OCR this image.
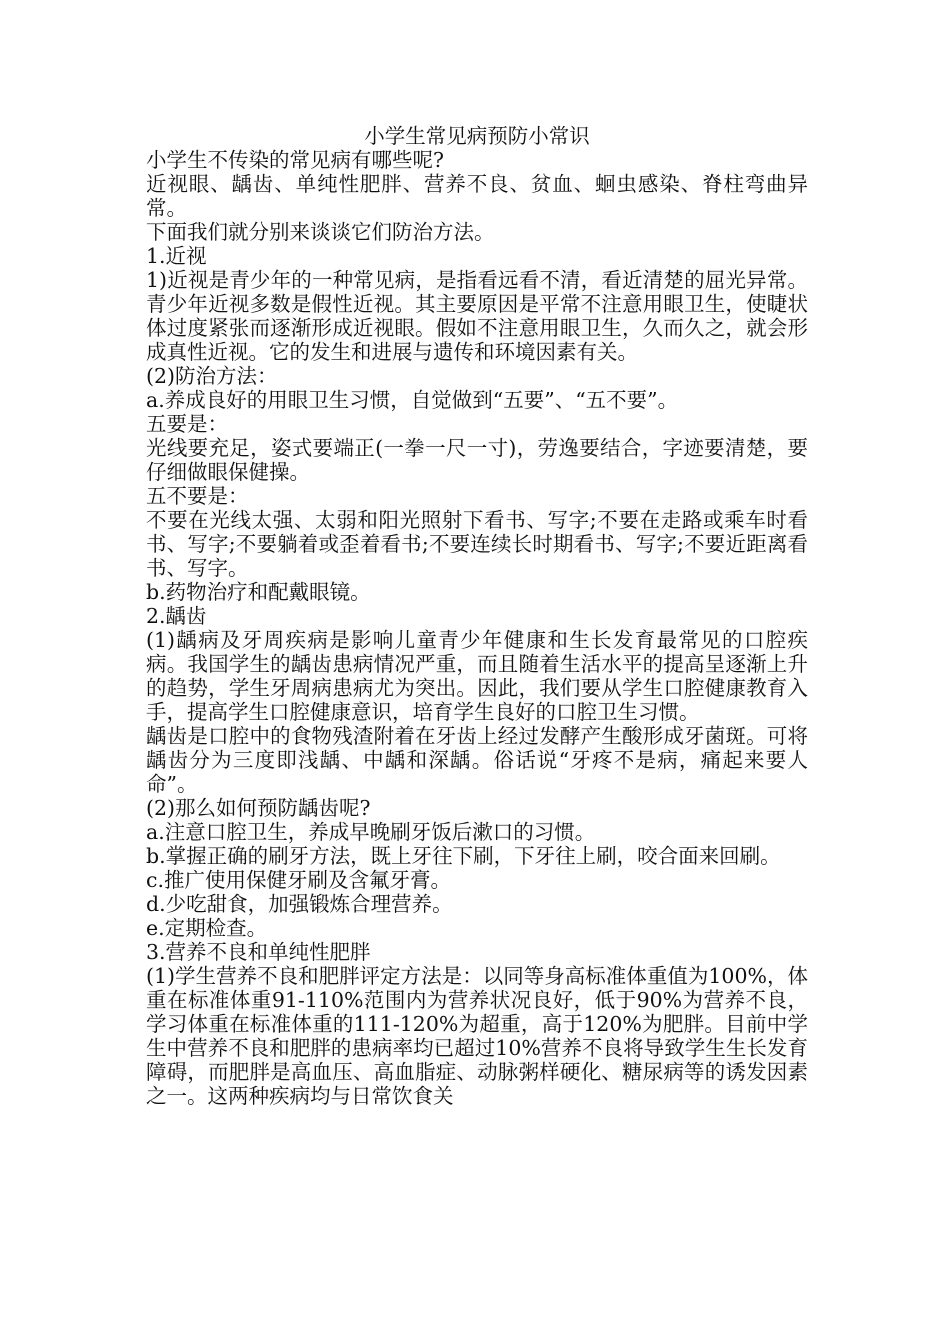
小学生常见病预防小常识
小学生不传染的常见病有哪些呢?
近视眼、龋齿、单纯性肥胖、营养不良、贫血、蛔虫感染、脊柱弯曲异常。
下面我们就分别来谈谈它们防治方法。
1.近视
1)近视是青少年的一种常见病，是指看远看不清，看近清楚的屈光异常。青少年近视多数是假性近视。其主要原因是平常不注意用眼卫生，使睫状体过度紧张而逐渐形成近视眼。假如不注意用眼卫生，久而久之，就会形成真性近视。它的发生和进展与遗传和环境因素有关。
(2)防治方法：
a.养成良好的用眼卫生习惯，自觉做到“五要”、“五不要”。
五要是：
光线要充足，姿式要端正(一拳一尺一寸)，劳逸要结合，字迹要清楚，要仔细做眼保健操。
五不要是：
不要在光线太强、太弱和阳光照射下看书、写字;不要在走路或乘车时看书、写字;不要躺着或歪着看书;不要连续长时期看书、写字;不要近距离看书、写字。
b.药物治疗和配戴眼镜。
2.龋齿
(1)龋病及牙周疾病是影响儿童青少年健康和生长发育最常见的口腔疾病。我国学生的龋齿患病情况严重，而且随着生活水平的提高呈逐渐上升的趋势，学生牙周病患病尤为突出。因此，我们要从学生口腔健康教育入手，提高学生口腔健康意识，培育学生良好的口腔卫生习惯。
龋齿是口腔中的食物残渣附着在牙齿上经过发酵产生酸形成牙菌斑。可将龋齿分为三度即浅龋、中龋和深龋。俗话说“牙疼不是病，痛起来要人命”。
(2)那么如何预防龋齿呢?
a.注意口腔卫生，养成早晚刷牙饭后漱口的习惯。
b.掌握正确的刷牙方法，既上牙往下刷，下牙往上刷，咬合面来回刷。
c.推广使用保健牙刷及含氟牙膏。
d.少吃甜食，加强锻炼合理营养。
e.定期检查。
3.营养不良和单纯性肥胖
(1)学生营养不良和肥胖评定方法是：以同等身高标准体重值为100%，体重在标准体重91-110%范围内为营养状况良好，低于90%为营养不良，学习体重在标准体重的111-120%为超重，高于120%为肥胖。目前中学生中营养不良和肥胖的患病率均已超过10%营养不良将导致学生生长发育障碍，而肥胖是高血压、高血脂症、动脉粥样硬化、糖尿病等的诱发因素之一。这两种疾病均与日常饮食关
